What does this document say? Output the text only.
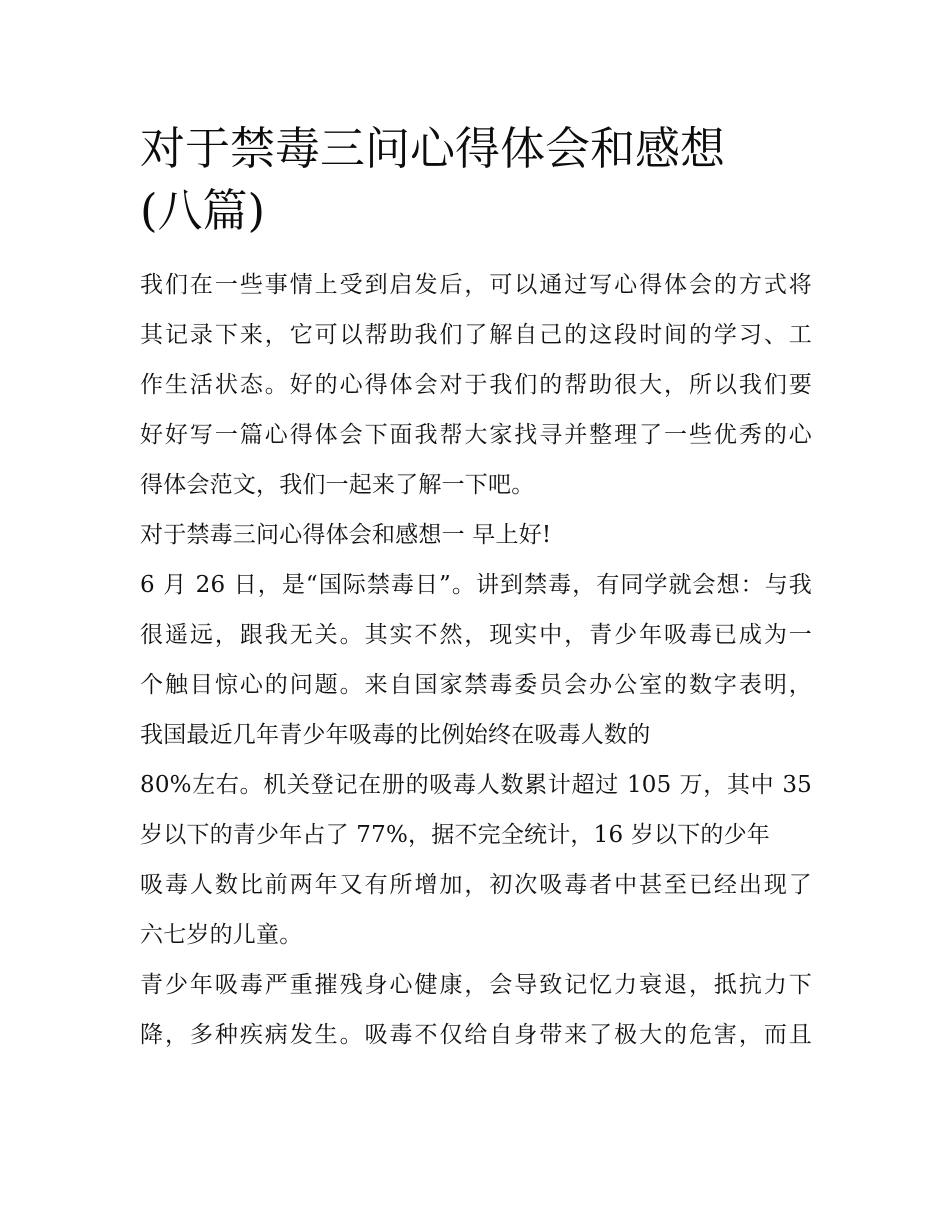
对于禁毒三问心得体会和感想
(八篇)
我们在一些事情上受到启发后，可以通过写心得体会的方式将
其记录下来，它可以帮助我们了解自己的这段时间的学习、工
作生活状态。好的心得体会对于我们的帮助很大，所以我们要
好好写一篇心得体会下面我帮大家找寻并整理了一些优秀的心
得体会范文，我们一起来了解一下吧。
对于禁毒三问心得体会和感想一 早上好!
6 月 26 日，是“国际禁毒日”。讲到禁毒，有同学就会想：与我
很遥远，跟我无关。其实不然，现实中，青少年吸毒已成为一
个触目惊心的问题。来自国家禁毒委员会办公室的数字表明，
我国最近几年青少年吸毒的比例始终在吸毒人数的
80%左右。机关登记在册的吸毒人数累计超过 105 万，其中 35
岁以下的青少年占了 77%，据不完全统计，16 岁以下的少年
吸毒人数比前两年又有所增加，初次吸毒者中甚至已经出现了
六七岁的儿童。
青少年吸毒严重摧残身心健康，会导致记忆力衰退，抵抗力下
降，多种疾病发生。吸毒不仅给自身带来了极大的危害，而且
